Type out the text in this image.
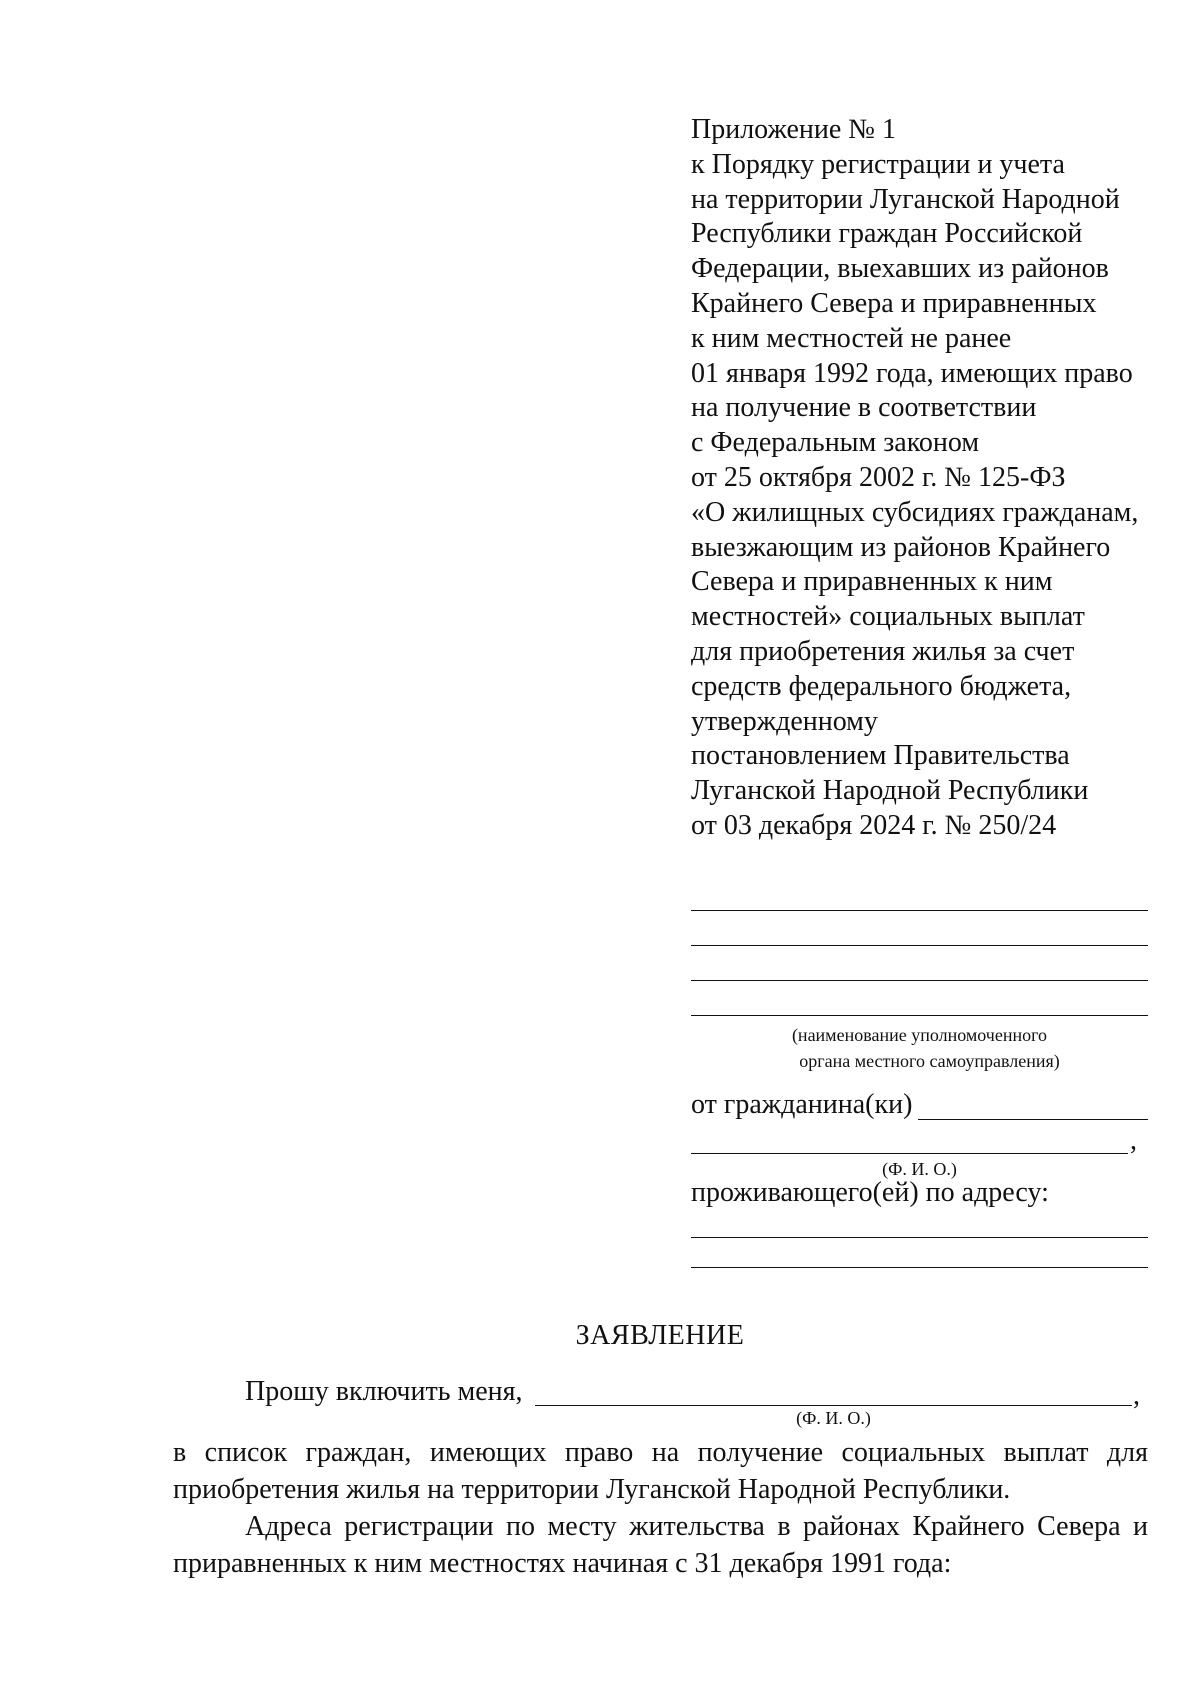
Приложение № 1
к Порядку регистрации и учета
на территории Луганской Народной
Республики граждан Российской
Федерации, выехавших из районов
Крайнего Севера и приравненных
к ним местностей не ранее
01 января 1992 года, имеющих право
на получение в соответствии
с Федеральным законом
от 25 октября 2002 г. № 125-ФЗ
«О жилищных субсидиях гражданам,
выезжающим из районов Крайнего
Севера и приравненных к ним
местностей» социальных выплат
для приобретения жилья за счет
средств федерального бюджета,
утвержденному
постановлением Правительства
Луганской Народной Республики
от 03 декабря 2024 г. № 250/24
(наименование уполномоченного
органа местного самоуправления)
от гражданина(ки)
,
(Ф. И. О.)
проживающего(ей) по адресу:
ЗАЯВЛЕНИЕ
Прошу включить меня,	,
(Ф. И. О.)
в список граждан, имеющих право на получение социальных выплат для приобретения жилья на территории Луганской Народной Республики.
Адреса регистрации по месту жительства в районах Крайнего Севера и приравненных к ним местностях начиная с 31 декабря 1991 года:
